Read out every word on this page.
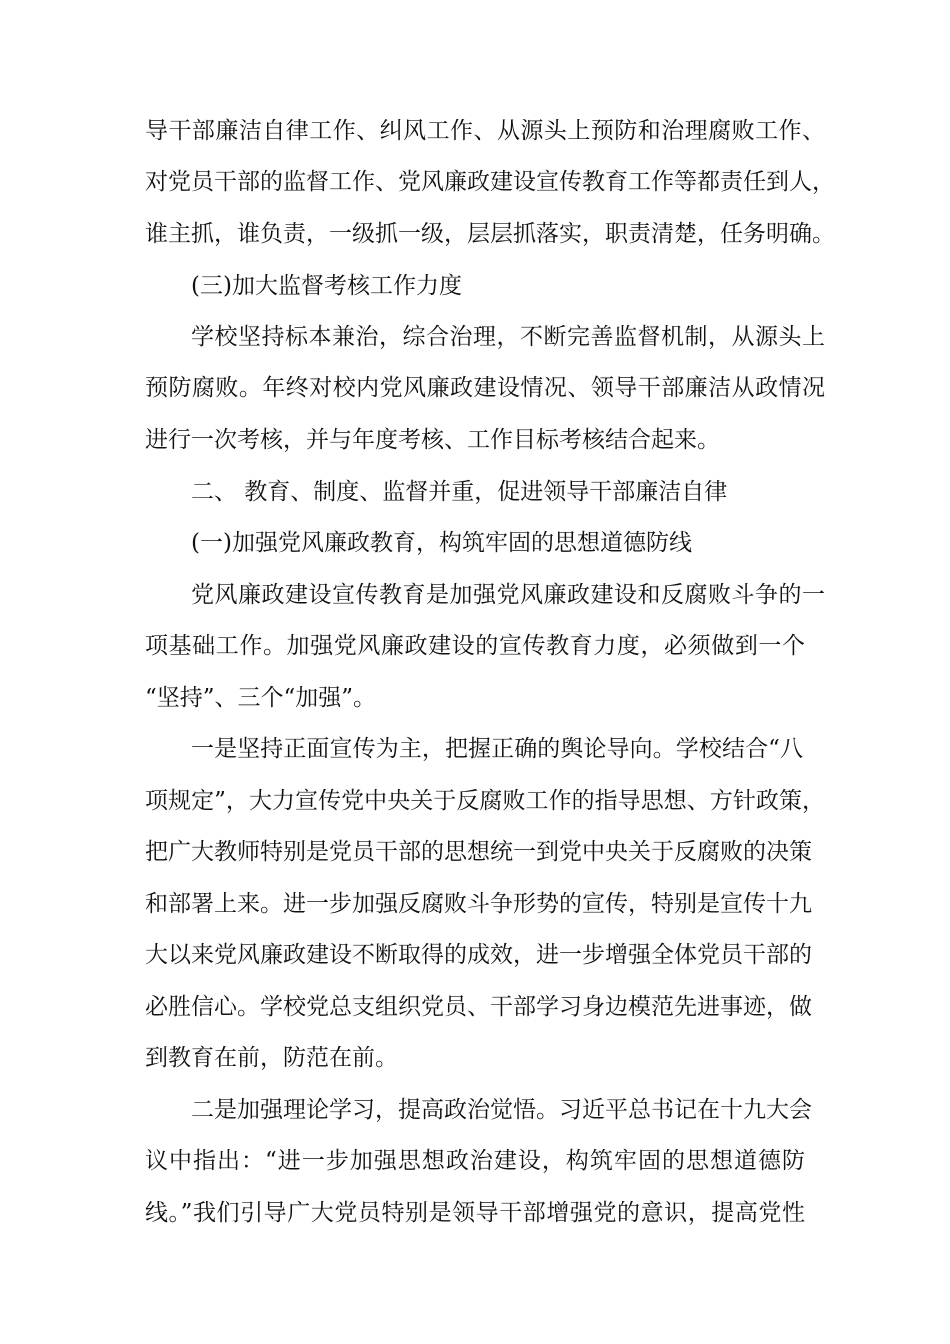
导干部廉洁自律工作、纠风工作、从源头上预防和治理腐败工作、
对党员干部的监督工作、党风廉政建设宣传教育工作等都责任到人，
谁主抓，谁负责，一级抓一级，层层抓落实，职责清楚，任务明确。
(三)加大监督考核工作力度
学校坚持标本兼治，综合治理，不断完善监督机制，从源头上
预防腐败。年终对校内党风廉政建设情况、领导干部廉洁从政情况
进行一次考核，并与年度考核、工作目标考核结合起来。
二、 教育、制度、监督并重，促进领导干部廉洁自律
(一)加强党风廉政教育，构筑牢固的思想道德防线
党风廉政建设宣传教育是加强党风廉政建设和反腐败斗争的一
项基础工作。加强党风廉政建设的宣传教育力度，必须做到一个
“坚持”、三个“加强”。
一是坚持正面宣传为主，把握正确的舆论导向。学校结合“八
项规定”，大力宣传党中央关于反腐败工作的指导思想、方针政策，
把广大教师特别是党员干部的思想统一到党中央关于反腐败的决策
和部署上来。进一步加强反腐败斗争形势的宣传，特别是宣传十九
大以来党风廉政建设不断取得的成效，进一步增强全体党员干部的
必胜信心。学校党总支组织党员、干部学习身边模范先进事迹，做
到教育在前，防范在前。
二是加强理论学习，提高政治觉悟。习近平总书记在十九大会
议中指出：“进一步加强思想政治建设，构筑牢固的思想道德防
线。”我们引导广大党员特别是领导干部增强党的意识，提高党性
